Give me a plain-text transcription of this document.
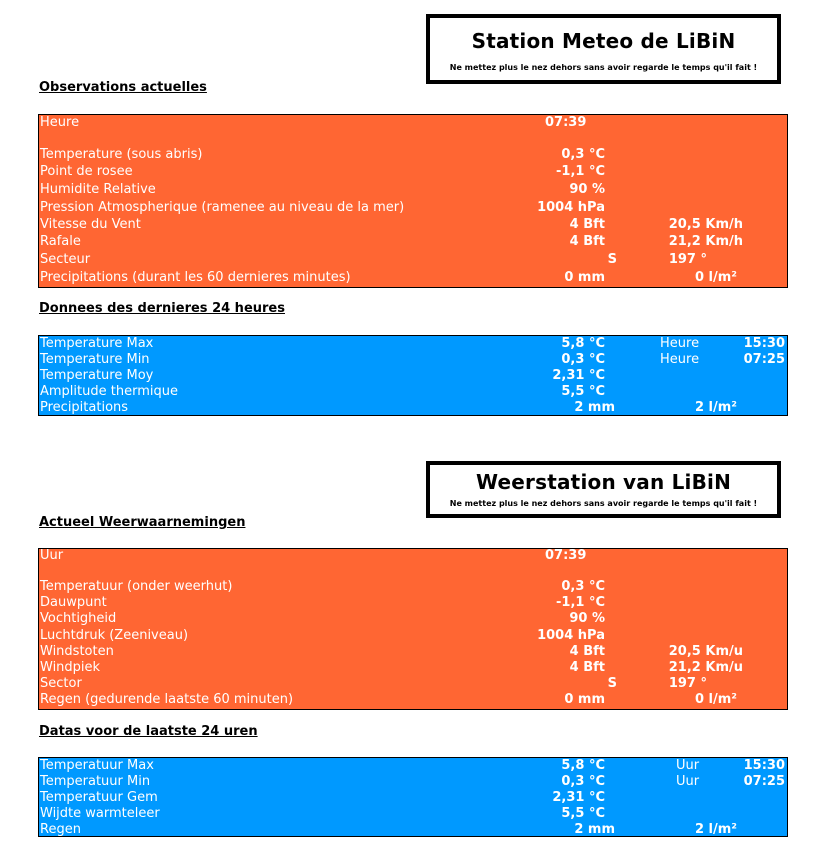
Station Meteo de LiBiN
Ne mettez plus le nez dehors sans avoir regarde le temps qu'il fait !
Observations actuelles
Heure	07:39
Temperature (sous abris)	0,3 °C
Point de rosee	-1,1 °C
Humidite Relative	90 %
Pression Atmospherique (ramenee au niveau de la mer)	1004 hPa
Vitesse du Vent	4 Bft	20,5 Km/h
Rafale	4 Bft	21,2 Km/h
Secteur	S	197 °
Precipitations (durant les 60 dernieres minutes)	0 mm	0 l/m²
Donnees des dernieres 24 heures
Temperature Max	5,8 °C	Heure	15:30
Temperature Min	0,3 °C	Heure	07:25
Temperature Moy	2,31 °C
Amplitude thermique	5,5 °C
Precipitations	2 mm	2 l/m²
Weerstation van LiBiN
Ne mettez plus le nez dehors sans avoir regarde le temps qu'il fait !
Actueel Weerwaarnemingen
Uur	07:39
Temperatuur (onder weerhut)	0,3 °C
Dauwpunt	-1,1 °C
Vochtigheid	90 %
Luchtdruk (Zeeniveau)	1004 hPa
Windstoten	4 Bft	20,5 Km/u
Windpiek	4 Bft	21,2 Km/u
Sector	S	197 °
Regen (gedurende laatste 60 minuten)	0 mm	0 l/m²
Datas voor de laatste 24 uren
Temperatuur Max	5,8 °C	Uur	15:30
Temperatuur Min	0,3 °C	Uur	07:25
Temperatuur Gem	2,31 °C
Wijdte warmteleer	5,5 °C
Regen	2 mm	2 l/m²
